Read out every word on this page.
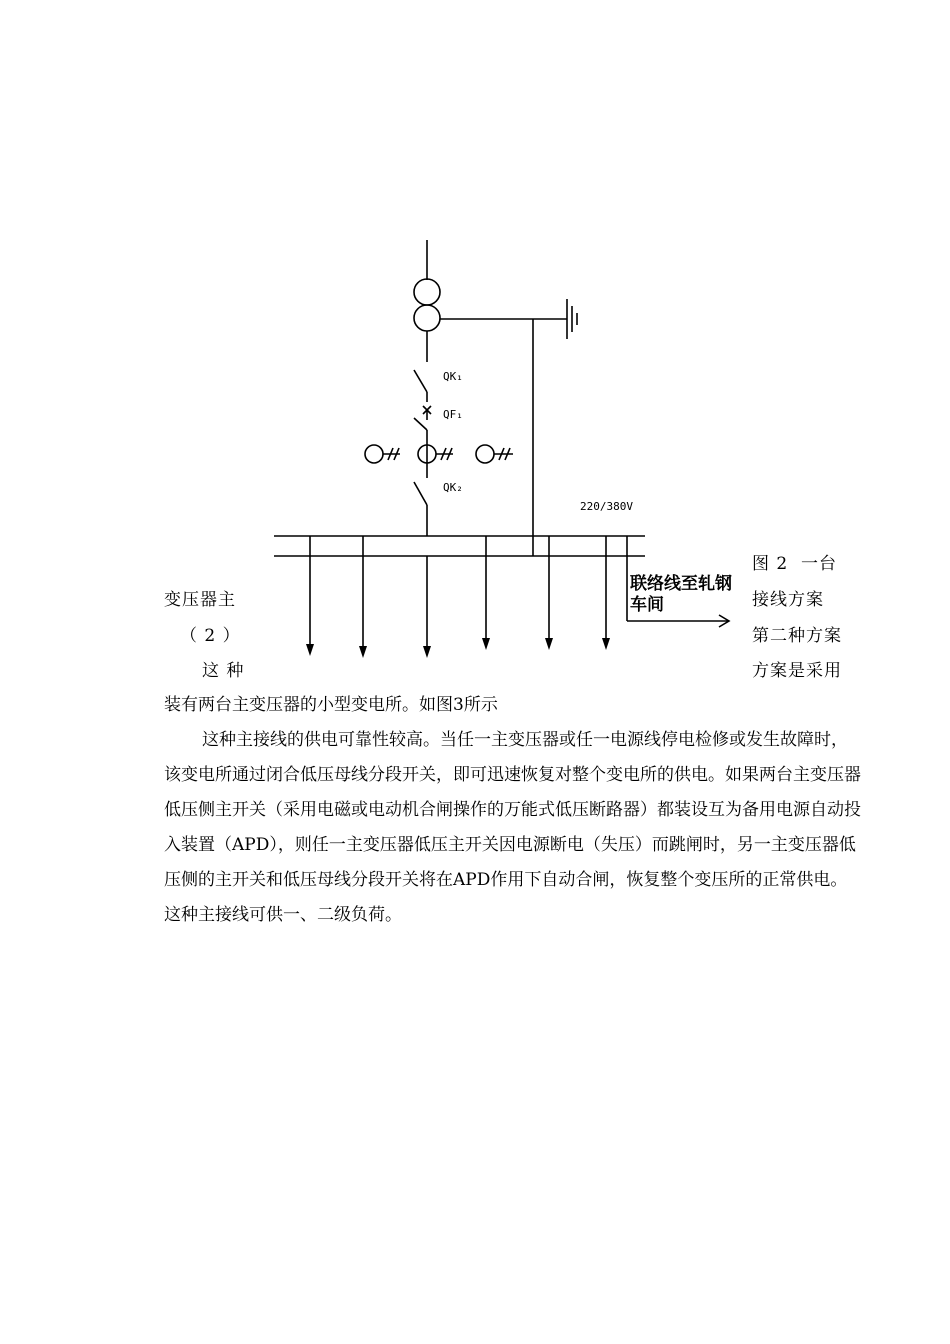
QK₁
QF₁
QK₂
220/380V
联络线至轧钢
车间
变压器主
（ 2 ）
这 种
图 2  一台
接线方案
第二种方案
方案是采用

装有两台主变压器的小型变电所。如图3所示

这种主接线的供电可靠性较高。当任一主变压器或任一电源线停电检修或发生故障时，该变电所通过闭合低压母线分段开关，即可迅速恢复对整个变电所的供电。如果两台主变压器低压侧主开关（采用电磁或电动机合闸操作的万能式低压断路器）都装设互为备用电源自动投入装置（APD），则任一主变压器低压主开关因电源断电（失压）而跳闸时，另一主变压器低压侧的主开关和低压母线分段开关将在APD作用下自动合闸，恢复整个变压所的正常供电。这种主接线可供一、二级负荷。
